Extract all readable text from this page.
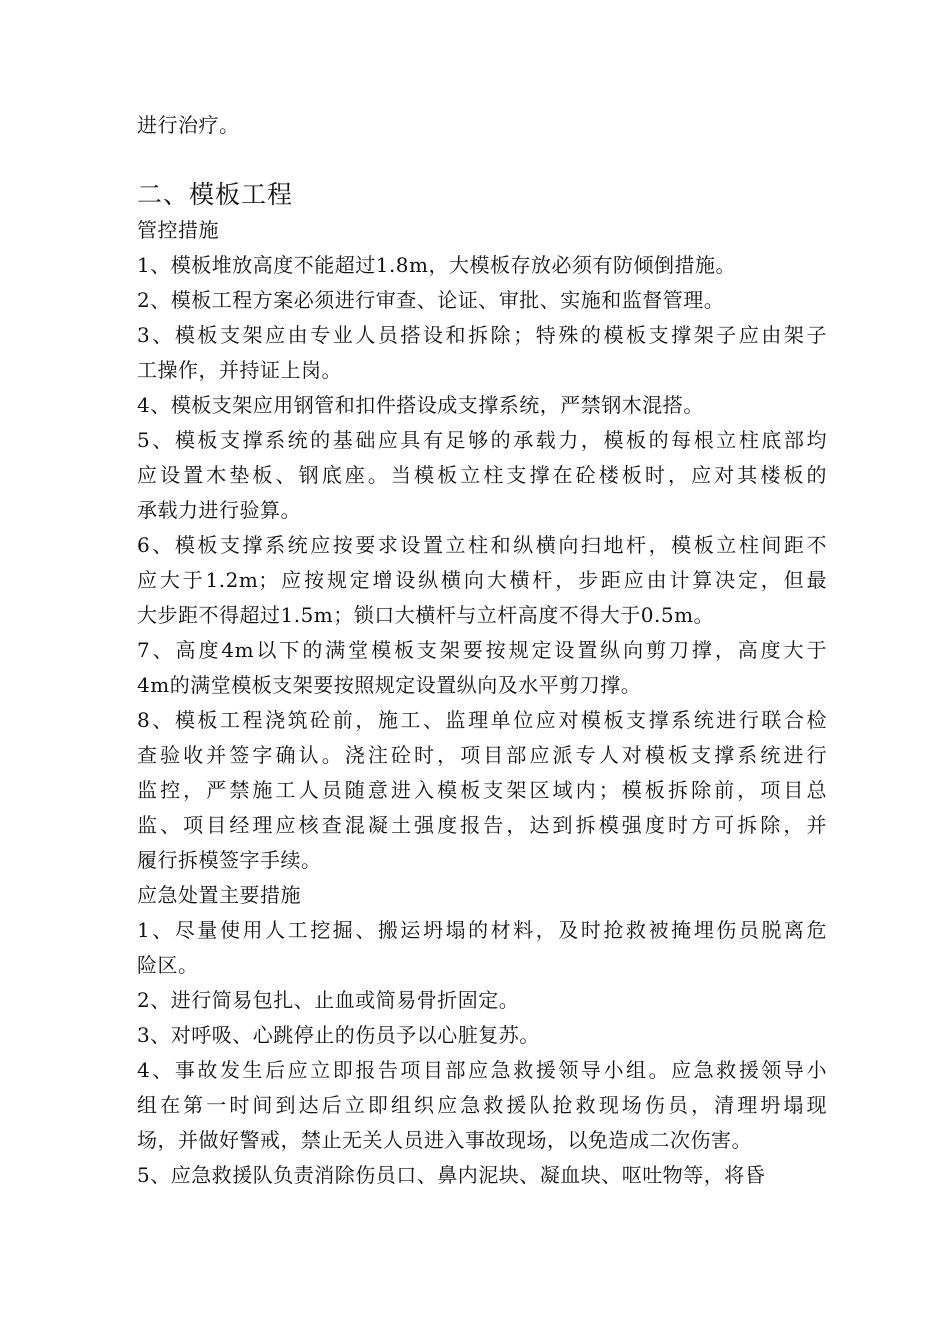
进行治疗。
二、模板工程
管控措施
1、模板堆放高度不能超过1.8m，大模板存放必须有防倾倒措施。
2、模板工程方案必须进行审查、论证、审批、实施和监督管理。
3、模板支架应由专业人员搭设和拆除；特殊的模板支撑架子应由架子
工操作，并持证上岗。
4、模板支架应用钢管和扣件搭设成支撑系统，严禁钢木混搭。
5、模板支撑系统的基础应具有足够的承载力，模板的每根立柱底部均
应设置木垫板、钢底座。当模板立柱支撑在砼楼板时，应对其楼板的
承载力进行验算。
6、模板支撑系统应按要求设置立柱和纵横向扫地杆，模板立柱间距不
应大于1.2m；应按规定增设纵横向大横杆，步距应由计算决定，但最
大步距不得超过1.5m；锁口大横杆与立杆高度不得大于0.5m。
7、高度4m以下的满堂模板支架要按规定设置纵向剪刀撑，高度大于
4m的满堂模板支架要按照规定设置纵向及水平剪刀撑。
8、模板工程浇筑砼前，施工、监理单位应对模板支撑系统进行联合检
查验收并签字确认。浇注砼时，项目部应派专人对模板支撑系统进行
监控，严禁施工人员随意进入模板支架区域内；模板拆除前，项目总
监、项目经理应核查混凝土强度报告，达到拆模强度时方可拆除，并
履行拆模签字手续。
应急处置主要措施
1、尽量使用人工挖掘、搬运坍塌的材料，及时抢救被掩埋伤员脱离危
险区。
2、进行简易包扎、止血或简易骨折固定。
3、对呼吸、心跳停止的伤员予以心脏复苏。
4、事故发生后应立即报告项目部应急救援领导小组。应急救援领导小
组在第一时间到达后立即组织应急救援队抢救现场伤员，清理坍塌现
场，并做好警戒，禁止无关人员进入事故现场，以免造成二次伤害。
5、应急救援队负责消除伤员口、鼻内泥块、凝血块、呕吐物等，将昏
